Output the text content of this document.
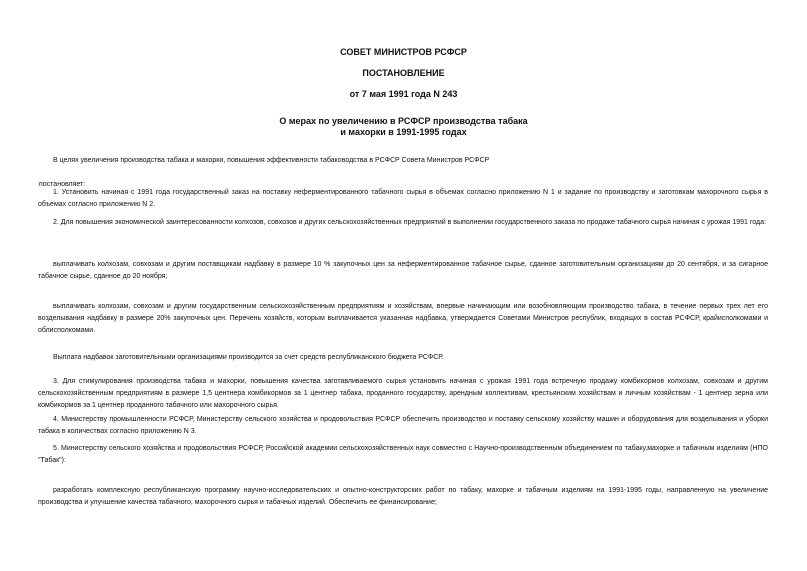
СОВЕТ МИНИСТРОВ РСФСР
ПОСТАНОВЛЕНИЕ
от 7 мая 1991 года N 243
О мерах по увеличению в РСФСР производства табака
и махорки в 1991-1995 годах
В целях увеличения производства табака и махорки, повышения эффективности табаководства в РСФСР Совета Министров РСФСР
постановляет:
1. Установить начиная с 1991 года государственный заказ на поставку неферментированного табачного сырья в объемах согласно приложению N 1 и задание по производству и заготовкам махорочного сырья в объемах согласно приложению N 2.
2. Для повышения экономической заинтересованности колхозов, совхозов и других сельскохозяйственных предприятий в выполнении государственного заказа по продаже табачного сырья начиная с урожая 1991 года:
выплачивать колхозам, совхозам и другим поставщикам надбавку в размере 10 % закупочных цен за неферментированное табачное сырье, сданное заготовительным организациям до 20 сентября, и за сигарное табачное сырье, сданное до 20 ноября;
выплачивать колхозам, совхозам и другим государственным сельскохозяйственным предприятиям и хозяйствам, впервые начинающим или возобновляющим производство табака, в течение первых трех лет его возделывания надбавку в размере 20% закупочных цен. Перечень хозяйств, которым выплачивается указанная надбавка, утверждается Советами Министров республик, входящих в состав РСФСР, крайисполкомами и облисполкомами.
Выплата надбавок заготовительными организациями производится за счет средств республиканского бюджета РСФСР.
3. Для стимулирования производства табака и махорки, повышения качества заготавливаемого сырья установить начиная с урожая 1991 года встречную продажу комбикормов колхозам, совхозам и другим сельскохозяйственным предприятиям в размере 1,5 центнера комбикормов за 1 центнер табака, проданного государству, арендным коллективам, крестьянским хозяйствам и личным хозяйствам - 1 центнер зерна или комбикормов за 1 центнер проданного табачного или махорочного сырья.
4. Министерству промышленности РСФСР, Министерству сельского хозяйства и продовольствия РСФСР обеспечить производство и поставку сельскому хозяйству машин и оборудования для возделывания и уборки табака в количествах согласно приложению N 3.
5. Министерству сельского хозяйства и продовольствия РСФСР, Российской академии сельскохозяйственных наук совместно с Научно-производственным объединением по табаку,махорке и табачным изделиям (НПО "Табак"):
разработать комплексную республиканскую программу научно-исследовательских и опытно-конструкторских работ по табаку, махорке и табачным изделиям на 1991-1995 годы, направленную на увеличение производства и улучшение качества табачного, махорочного сырья и табачных изделий. Обеспечить ее финансирование;
